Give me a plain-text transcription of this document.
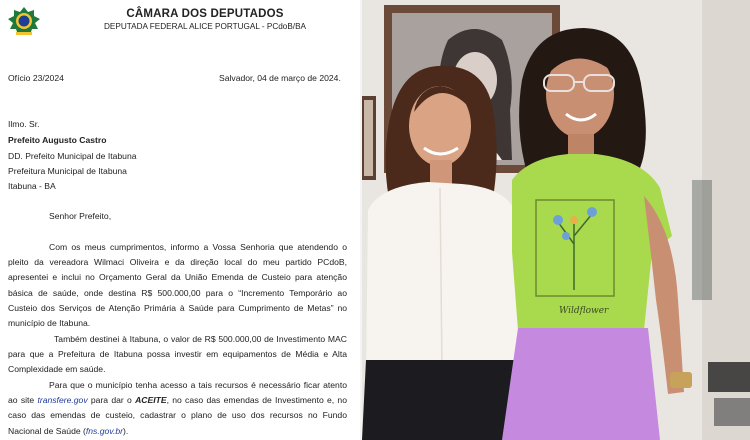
CÂMARA DOS DEPUTADOS
DEPUTADA FEDERAL ALICE PORTUGAL - PCdoB/BA
Ofício 23/2024	Salvador, 04 de março de 2024.
Ilmo. Sr.
Prefeito Augusto Castro
DD. Prefeito Municipal de Itabuna
Prefeitura Municipal de Itabuna
Itabuna - BA
Senhor Prefeito,

Com os meus cumprimentos, informo a Vossa Senhoria que atendendo o pleito da vereadora Wilmaci Oliveira e da direção local do meu partido PCdoB, apresentei e inclui no Orçamento Geral da União Emenda de Custeio para atenção básica de saúde, onde destina R$ 500.000,00 para o “Incremento Temporário ao Custeio dos Serviços de Atenção Primária à Saúde para Cumprimento de Metas” no município de Itabuna.

Também destinei à Itabuna, o valor de R$ 500.000,00 de Investimento MAC para que a Prefeitura de Itabuna possa investir em equipamentos de Média e Alta Complexidade em saúde.

Para que o município tenha acesso a tais recursos é necessário ficar atento ao site transfere.gov para dar o ACEITE, no caso das emendas de Investimento e, no caso das emendas de custeio, cadastrar o plano de uso dos recursos no Fundo Nacional de Saúde (fns.gov.br).

Wildflower
